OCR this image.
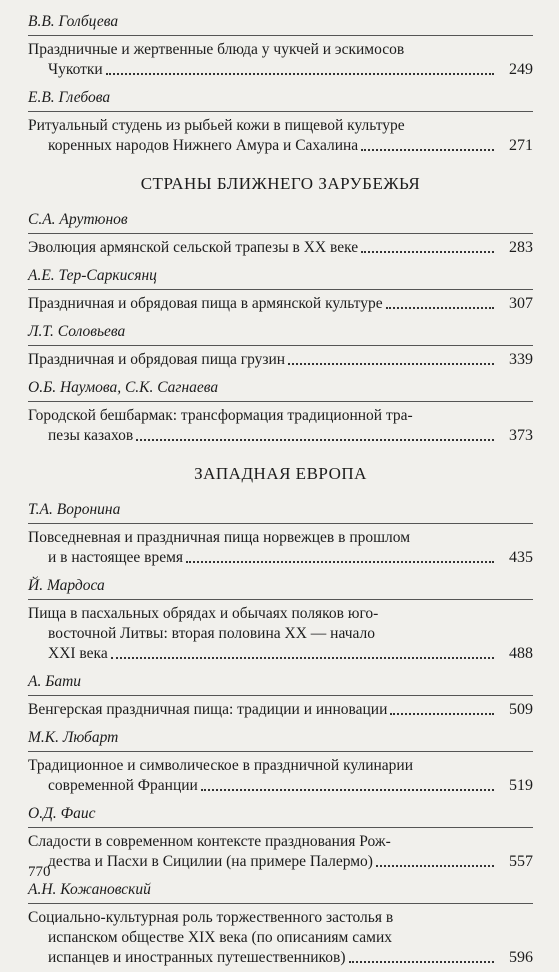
В.В. Голбцева
Праздничные и жертвенные блюда у чукчей и эскимосов
Чукотки	249
Е.В. Глебова
Ритуальный студень из рыбьей кожи в пищевой культуре
коренных народов Нижнего Амура и Сахалина	271
СТРАНЫ БЛИЖНЕГО ЗАРУБЕЖЬЯ
С.А. Арутюнов
Эволюция армянской сельской трапезы в XX веке	283
А.Е. Тер-Саркисянц
Праздничная и обрядовая пища в армянской культуре	307
Л.Т. Соловьева
Праздничная и обрядовая пища грузин	339
О.Б. Наумова, С.К. Сагнаева
Городской бешбармак: трансформация традиционной тра-
пезы казахов	373
ЗАПАДНАЯ ЕВРОПА
Т.А. Воронина
Повседневная и праздничная пища норвежцев в прошлом
и в настоящее время	435
Й. Мардоса
Пища в пасхальных обрядах и обычаях поляков юго-
восточной Литвы: вторая половина XX — начало
XXI века	488
А. Бати
Венгерская праздничная пища: традиции и инновации	509
М.К. Любарт
Традиционное и символическое в праздничной кулинарии
современной Франции	519
О.Д. Фаис
Сладости в современном контексте празднования Рож-
дества и Пасхи в Сицилии (на примере Палермо)	557
А.Н. Кожановский
Социально-культурная роль торжественного застолья в
испанском обществе XIX века (по описаниям самих
испанцев и иностранных путешественников)	596
770
